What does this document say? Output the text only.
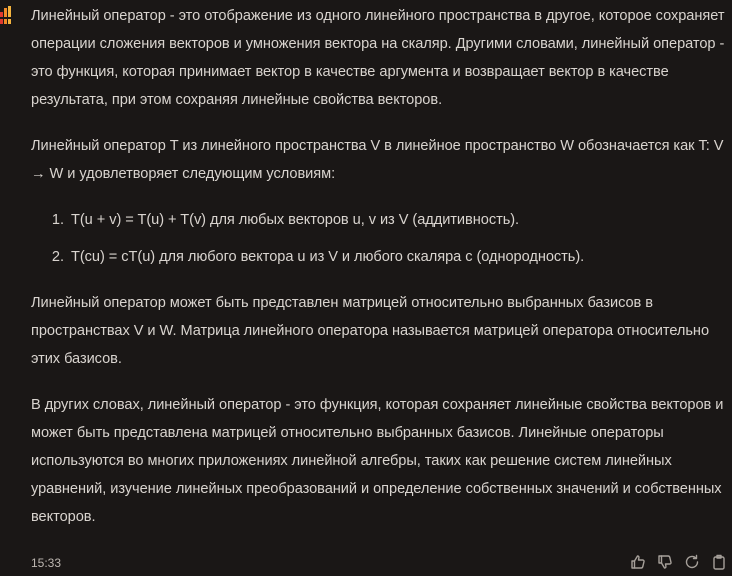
Линейный оператор - это отображение из одного линейного пространства в другое, которое сохраняет операции сложения векторов и умножения вектора на скаляр. Другими словами, линейный оператор - это функция, которая принимает вектор в качестве аргумента и возвращает вектор в качестве результата, при этом сохраняя линейные свойства векторов.

Линейный оператор T из линейного пространства V в линейное пространство W обозначается как T: V → W и удовлетворяет следующим условиям:

1. T(u + v) = T(u) + T(v) для любых векторов u, v из V (аддитивность).
2. T(cu) = cT(u) для любого вектора u из V и любого скаляра c (однородность).

Линейный оператор может быть представлен матрицей относительно выбранных базисов в пространствах V и W. Матрица линейного оператора называется матрицей оператора относительно этих базисов.

В других словах, линейный оператор - это функция, которая сохраняет линейные свойства векторов и может быть представлена матрицей относительно выбранных базисов. Линейные операторы используются во многих приложениях линейной алгебры, таких как решение систем линейных уравнений, изучение линейных преобразований и определение собственных значений и собственных векторов.

15:33
